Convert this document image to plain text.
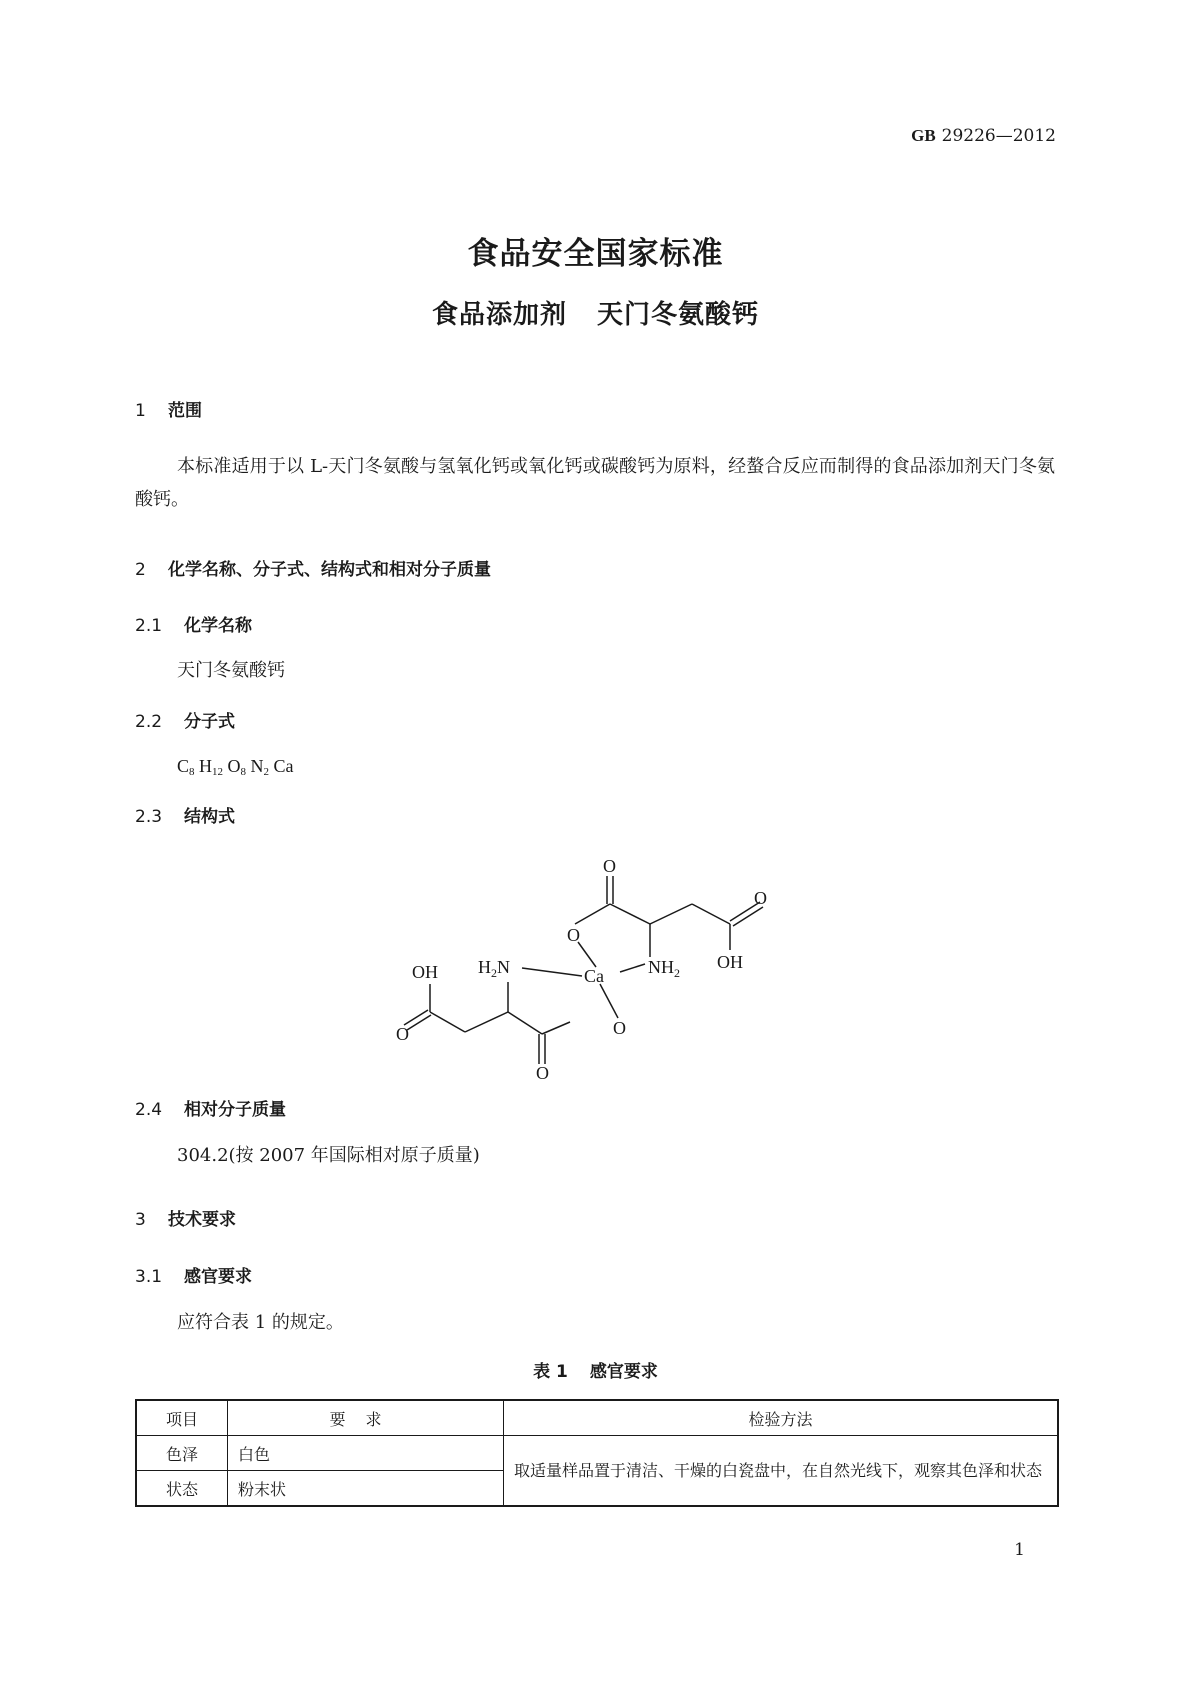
GB 29226—2012
食品安全国家标准
食品添加剂 天门冬氨酸钙
1 范围
本标准适用于以 L-天门冬氨酸与氢氧化钙或氧化钙或碳酸钙为原料，经螯合反应而制得的食品添加剂天门冬氨酸钙。
2 化学名称、分子式、结构式和相对分子质量
2.1 化学名称
天门冬氨酸钙
2.2 分子式
$C_8$ $H_{12}$ $O_8$ $N_2$ Ca
2.3 结构式
O
O
OH
O
$NH_2$
Ca
$H_2N$
OH
O	O
O
2.4 相对分子质量
304.2(按 2007 年国际相对原子质量)
3 技术要求
3.1 感官要求
应符合表 1 的规定。
表 1 感官要求
项目	要求	检验方法
色泽	白色	取适量样品置于清洁、干燥的白瓷盘中，在自然光线下，观察其色泽和状态
状态	粉末状	
1
